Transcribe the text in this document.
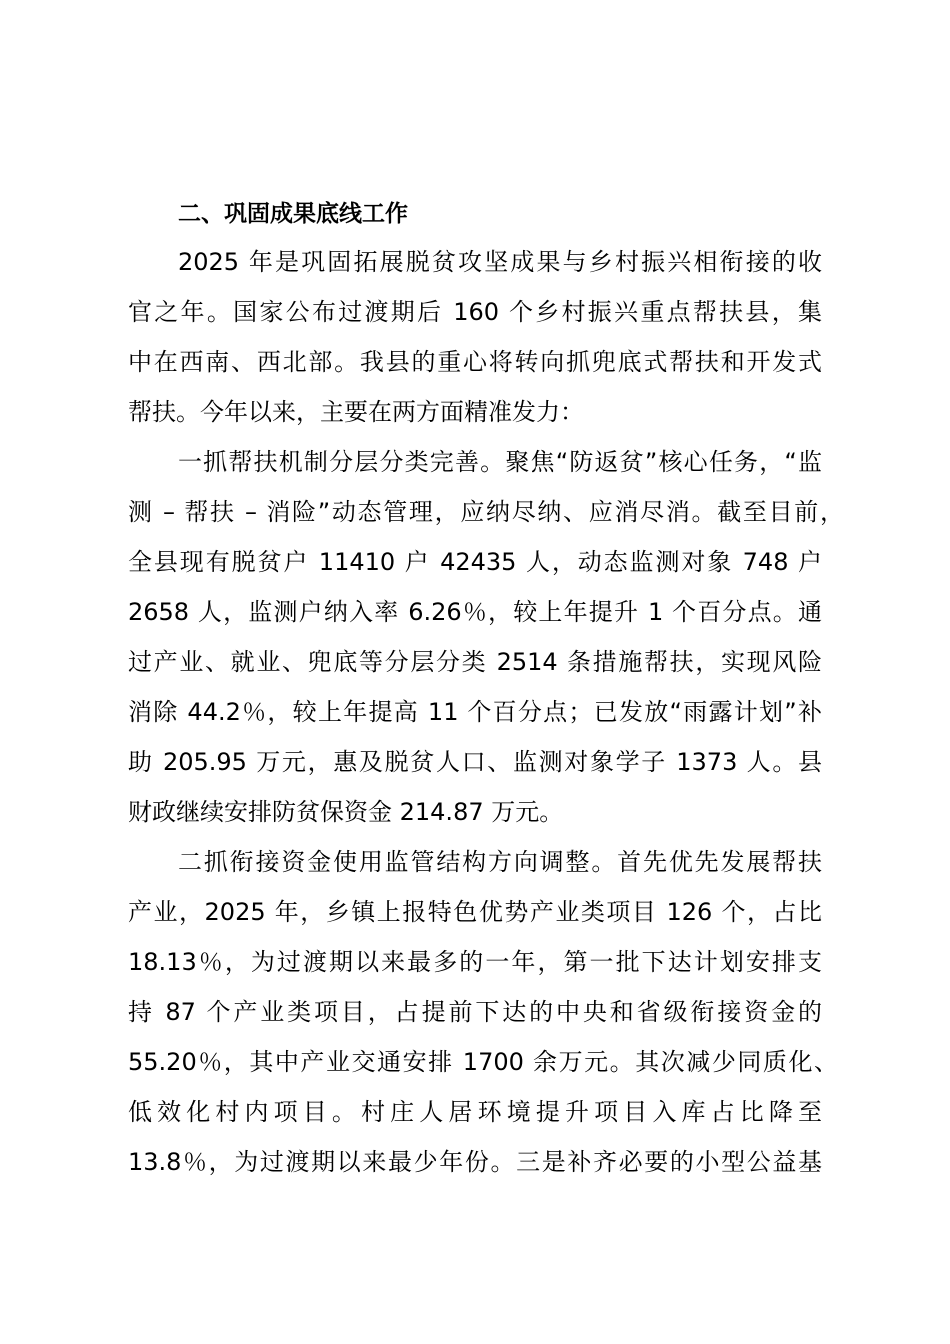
二、巩固成果底线工作

2025 年是巩固拓展脱贫攻坚成果与乡村振兴相衔接的收

官之年。国家公布过渡期后 160 个乡村振兴重点帮扶县，集

中在西南、西北部。我县的重心将转向抓兜底式帮扶和开发式

帮扶。今年以来，主要在两方面精准发力：

一抓帮扶机制分层分类完善。聚焦“防返贫”核心任务，“监

测 – 帮扶 – 消险”动态管理，应纳尽纳、应消尽消。截至目前，

全县现有脱贫户 11410 户 42435 人，动态监测对象 748 户

2658 人，监测户纳入率 6.26％，较上年提升 1 个百分点。通

过产业、就业、兜底等分层分类 2514 条措施帮扶，实现风险

消除 44.2％，较上年提高 11 个百分点；已发放“雨露计划”补

助 205.95 万元，惠及脱贫人口、监测对象学子 1373 人。县

财政继续安排防贫保资金 214.87 万元。

二抓衔接资金使用监管结构方向调整。首先优先发展帮扶

产业，2025 年，乡镇上报特色优势产业类项目 126 个，占比

18.13％，为过渡期以来最多的一年，第一批下达计划安排支

持 87 个产业类项目，占提前下达的中央和省级衔接资金的

55.20％，其中产业交通安排 1700 余万元。其次减少同质化、

低效化村内项目。村庄人居环境提升项目入库占比降至

13.8％，为过渡期以来最少年份。三是补齐必要的小型公益基
